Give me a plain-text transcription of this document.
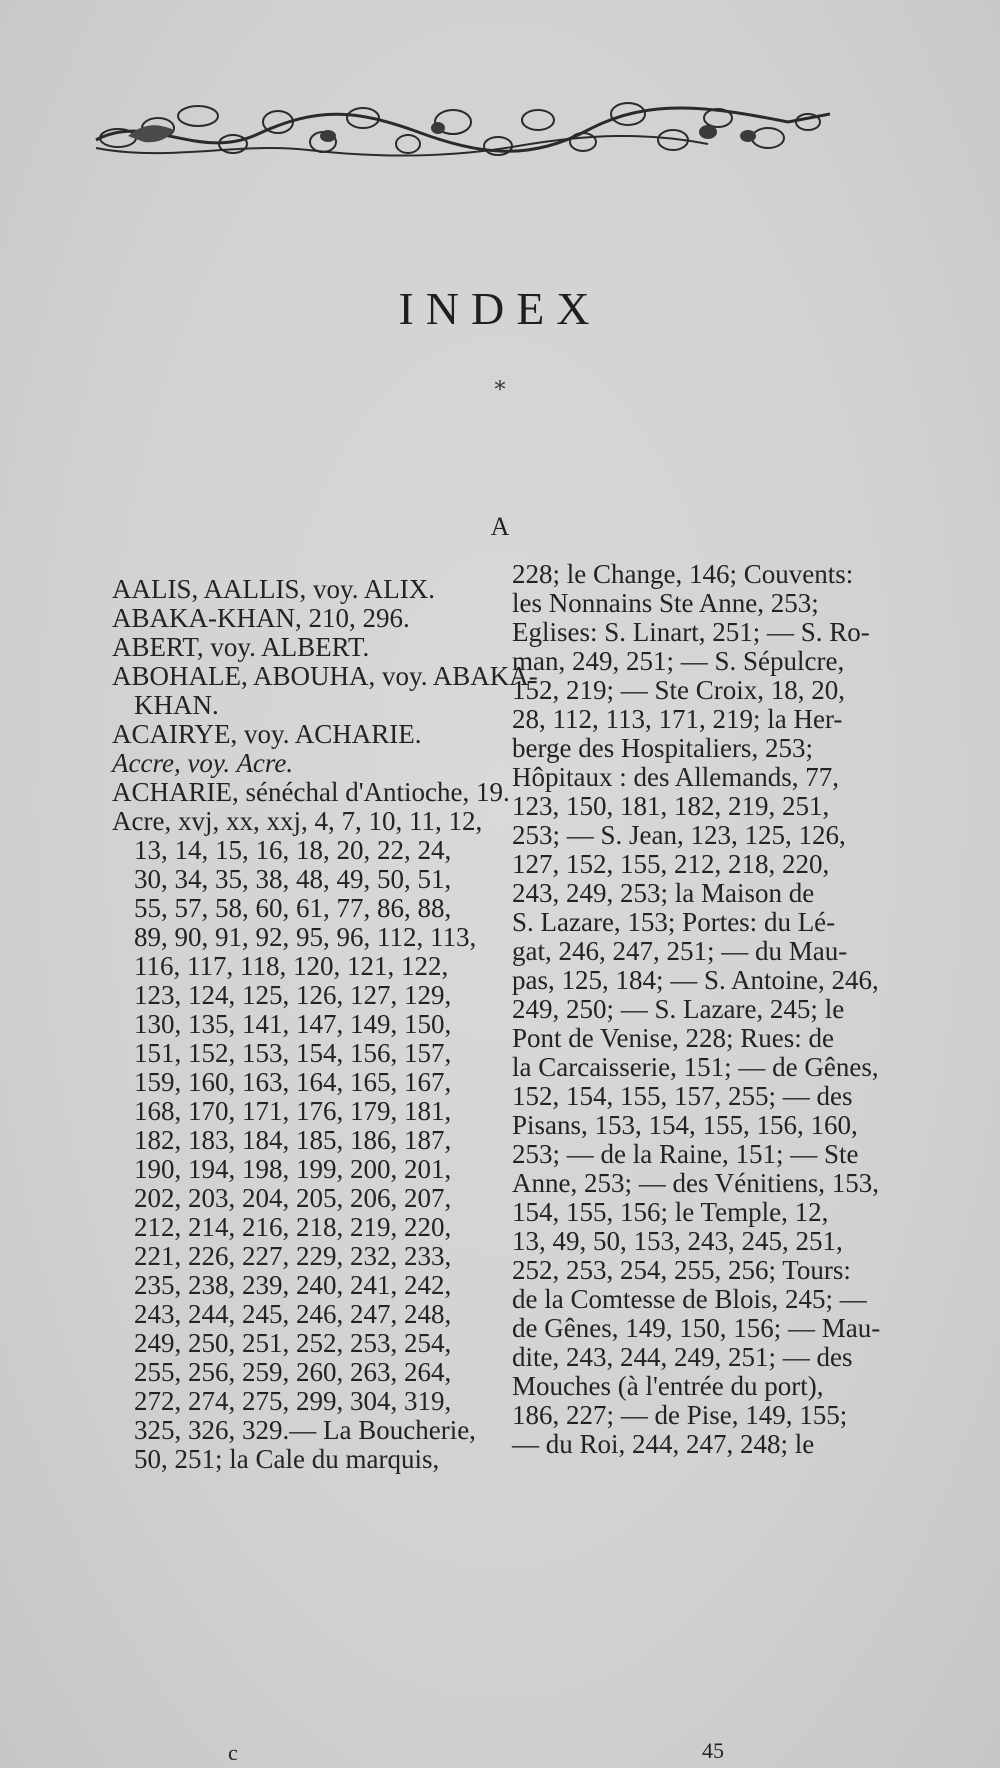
INDEX
*
A
AALIS, AALLIS, voy. ALIX.
ABAKA-KHAN, 210, 296.
ABERT, voy. ALBERT.
ABOHALE, ABOUHA, voy. ABAKA-
KHAN.
ACAIRYE, voy. ACHARIE.
Accre, voy. Acre.
ACHARIE, sénéchal d'Antioche, 19.
Acre, xvj, xx, xxj, 4, 7, 10, 11, 12,
13, 14, 15, 16, 18, 20, 22, 24,
30, 34, 35, 38, 48, 49, 50, 51,
55, 57, 58, 60, 61, 77, 86, 88,
89, 90, 91, 92, 95, 96, 112, 113,
116, 117, 118, 120, 121, 122,
123, 124, 125, 126, 127, 129,
130, 135, 141, 147, 149, 150,
151, 152, 153, 154, 156, 157,
159, 160, 163, 164, 165, 167,
168, 170, 171, 176, 179, 181,
182, 183, 184, 185, 186, 187,
190, 194, 198, 199, 200, 201,
202, 203, 204, 205, 206, 207,
212, 214, 216, 218, 219, 220,
221, 226, 227, 229, 232, 233,
235, 238, 239, 240, 241, 242,
243, 244, 245, 246, 247, 248,
249, 250, 251, 252, 253, 254,
255, 256, 259, 260, 263, 264,
272, 274, 275, 299, 304, 319,
325, 326, 329.— La Boucherie,
50, 251; la Cale du marquis,
228; le Change, 146; Couvents:
les Nonnains Ste Anne, 253;
Eglises: S. Linart, 251; — S. Ro-
man, 249, 251; — S. Sépulcre,
152, 219; — Ste Croix, 18, 20,
28, 112, 113, 171, 219; la Her-
berge des Hospitaliers, 253;
Hôpitaux : des Allemands, 77,
123, 150, 181, 182, 219, 251,
253; — S. Jean, 123, 125, 126,
127, 152, 155, 212, 218, 220,
243, 249, 253; la Maison de
S. Lazare, 153; Portes: du Lé-
gat, 246, 247, 251; — du Mau-
pas, 125, 184; — S. Antoine, 246,
249, 250; — S. Lazare, 245; le
Pont de Venise, 228; Rues: de
la Carcaisserie, 151; — de Gênes,
152, 154, 155, 157, 255; — des
Pisans, 153, 154, 155, 156, 160,
253; — de la Raine, 151; — Ste
Anne, 253; — des Vénitiens, 153,
154, 155, 156; le Temple, 12,
13, 49, 50, 153, 243, 245, 251,
252, 253, 254, 255, 256; Tours:
de la Comtesse de Blois, 245; —
de Gênes, 149, 150, 156; — Mau-
dite, 243, 244, 249, 251; — des
Mouches (à l'entrée du port),
186, 227; — de Pise, 149, 155;
— du Roi, 244, 247, 248; le
c	45
